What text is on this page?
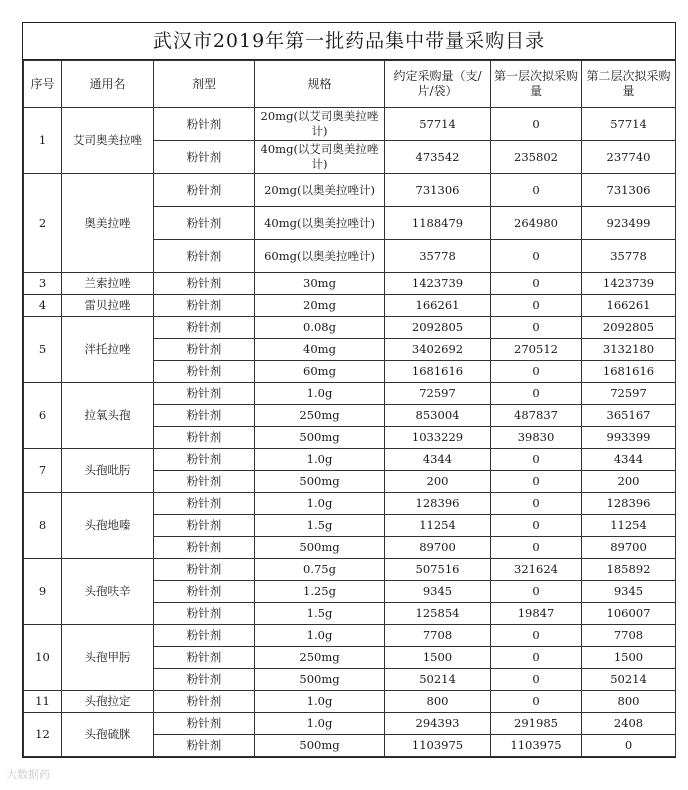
武汉市2019年第一批药品集中带量采购目录
序号	通用名	剂型	规格	约定采购量（支/片/袋）	第一层次拟采购量	第二层次拟采购量
1	艾司奥美拉唑	粉针剂	20mg(以艾司奥美拉唑计)	57714	0	57714
		粉针剂	40mg(以艾司奥美拉唑计)	473542	235802	237740
2	奥美拉唑	粉针剂	20mg(以奥美拉唑计)	731306	0	731306
		粉针剂	40mg(以奥美拉唑计)	1188479	264980	923499
		粉针剂	60mg(以奥美拉唑计)	35778	0	35778
3	兰索拉唑	粉针剂	30mg	1423739	0	1423739
4	雷贝拉唑	粉针剂	20mg	166261	0	166261
5	泮托拉唑	粉针剂	0.08g	2092805	0	2092805
		粉针剂	40mg	3402692	270512	3132180
		粉针剂	60mg	1681616	0	1681616
6	拉氧头孢	粉针剂	1.0g	72597	0	72597
		粉针剂	250mg	853004	487837	365167
		粉针剂	500mg	1033229	39830	993399
7	头孢吡肟	粉针剂	1.0g	4344	0	4344
		粉针剂	500mg	200	0	200
8	头孢地嗪	粉针剂	1.0g	128396	0	128396
		粉针剂	1.5g	11254	0	11254
		粉针剂	500mg	89700	0	89700
9	头孢呋辛	粉针剂	0.75g	507516	321624	185892
		粉针剂	1.25g	9345	0	9345
		粉针剂	1.5g	125854	19847	106007
10	头孢甲肟	粉针剂	1.0g	7708	0	7708
		粉针剂	250mg	1500	0	1500
		粉针剂	500mg	50214	0	50214
11	头孢拉定	粉针剂	1.0g	800	0	800
12	头孢硫脒	粉针剂	1.0g	294393	291985	2408
		粉针剂	500mg	1103975	1103975	0
大数据药
